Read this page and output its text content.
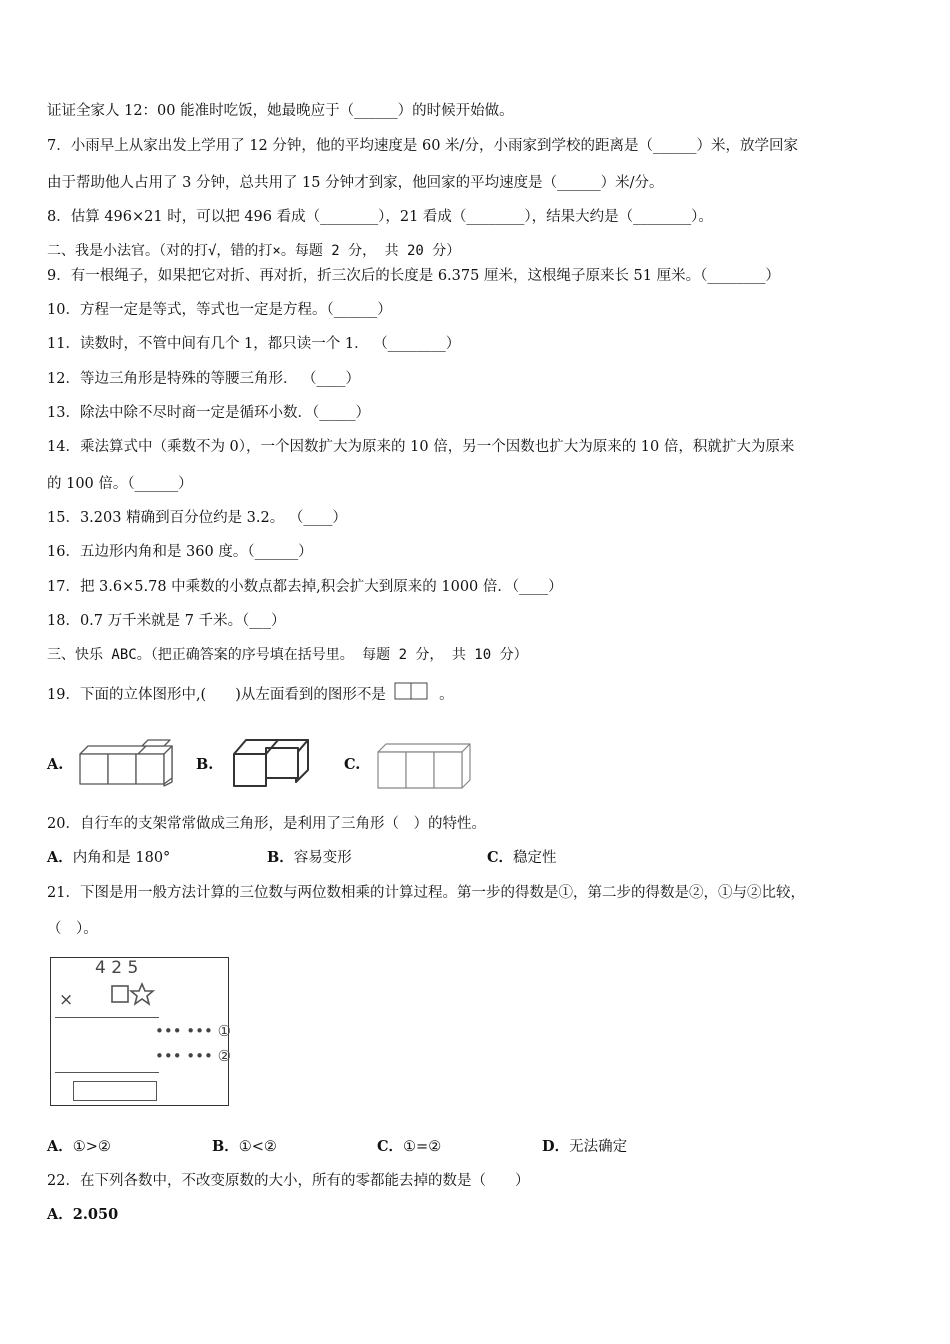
证证全家人 12：00 能准时吃饭，她最晚应于（______）的时候开始做。
7．小雨早上从家出发上学用了 12 分钟，他的平均速度是 60 米/分，小雨家到学校的距离是（______）米，放学回家
由于帮助他人占用了 3 分钟，总共用了 15 分钟才到家，他回家的平均速度是（______）米/分。
8．估算 496×21 时，可以把 496 看成（________），21 看成（________），结果大约是（________）。
二、我是小法官。（对的打√，错的打×。每题 2 分， 共 20 分）
9．有一根绳子，如果把它对折、再对折，折三次后的长度是 6.375 厘米，这根绳子原来长 51 厘米。（________）
10．方程一定是等式，等式也一定是方程。（______）
11．读数时，不管中间有几个 1，都只读一个 1． （________）
12．等边三角形是特殊的等腰三角形． （____）
13．除法中除不尽时商一定是循环小数．（_____）
14．乘法算式中（乘数不为 0），一个因数扩大为原来的 10 倍，另一个因数也扩大为原来的 10 倍，积就扩大为原来
的 100 倍。（______）
15．3.203 精确到百分位约是 3.2。 （____）
16．五边形内角和是 360 度。（______）
17．把 3.6×5.78 中乘数的小数点都去掉,积会扩大到原来的 1000 倍．（____）
18．0.7 万千米就是 7 千米。（___）
三、快乐 ABC。（把正确答案的序号填在括号里。 每题 2 分， 共 10 分）
19．下面的立体图形中,(　　)从左面看到的图形不是	。
A.	B.	C.
20．自行车的支架常常做成三角形，是利用了三角形（　）的特性。
A．内角和是 180°	B．容易变形	C．稳定性
21．下图是用一般方法计算的三位数与两位数相乘的计算过程。第一步的得数是①，第二步的得数是②，①与②比较，
（　）。
4 2 5
×
••• ••• ①
••• ••• ②
A．①>②	B．①<②	C．①=②	D．无法确定
22．在下列各数中，不改变原数的大小，所有的零都能去掉的数是（　　）
A．2.050
